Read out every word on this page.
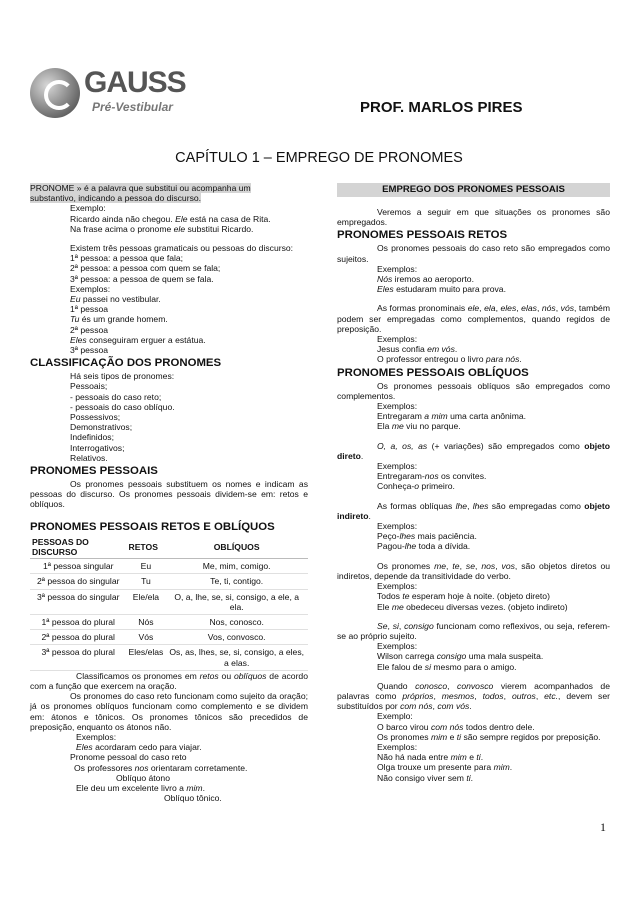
GAUSS
Pré-Vestibular	PROF. MARLOS PIRES
CAPÍTULO 1 – EMPREGO DE PRONOMES

PRONOME » é a palavra que substitui ou acompanha um

substantivo, indicando a pessoa do discurso.

Exemplo:

Ricardo ainda não chegou. Ele está na casa de Rita.

Na frase acima o pronome ele substitui Ricardo.

Existem três pessoas gramaticais ou pessoas do discurso:

1ª pessoa: a pessoa que fala;

2ª pessoa: a pessoa com quem se fala;

3ª pessoa: a pessoa de quem se fala.

Exemplos:

Eu passei no vestibular.

1ª pessoa

Tu és um grande homem.

2ª pessoa

Eles conseguiram erguer a estátua.

3ª pessoa

CLASSIFICAÇÃO DOS PRONOMES

Há seis tipos de pronomes:

Pessoais;

- pessoais do caso reto;

- pessoais do caso oblíquo.

Possessivos;

Demonstrativos;

Indefinidos;

Interrogativos;

Relativos.

PRONOMES PESSOAIS

Os pronomes pessoais substituem os nomes e indicam as pessoas do discurso. Os pronomes pessoais dividem-se em: retos e oblíquos.

PRONOMES PESSOAIS RETOS E OBLÍQUOS

PESSOAS DO DISCURSO	RETOS	OBLÍQUOS
1ª pessoa singular	Eu	Me, mim, comigo.
2ª pessoa do singular	Tu	Te, ti, contigo.
3ª pessoa do singular	Ele/ela	O, a, lhe, se, si, consigo, a ele, a ela.
1ª pessoa do plural	Nós	Nos, conosco.
2ª pessoa do plural	Vós	Vos, convosco.
3ª pessoa do plural	Eles/elas	Os, as, lhes, se, si, consigo, a eles, a elas.

Classificamos os pronomes em retos ou oblíquos de acordo com a função que exercem na oração.

Os pronomes do caso reto funcionam como sujeito da oração; já os pronomes oblíquos funcionam como complemento e se dividem em: átonos e tônicos. Os pronomes tônicos são precedidos de preposição, enquanto os átonos não.

Exemplos:

Eles acordaram cedo para viajar.

Pronome pessoal do caso reto

Os professores nos orientaram corretamente.

Oblíquo átono

Ele deu um excelente livro a mim.

Oblíquo tônico.

EMPREGO DOS PRONOMES PESSOAIS

Veremos a seguir em que situações os pronomes são empregados.

PRONOMES PESSOAIS RETOS

Os pronomes pessoais do caso reto são empregados como sujeitos.

Exemplos:

Nós iremos ao aeroporto.

Eles estudaram muito para prova.

As formas pronominais ele, ela, eles, elas, nós, vós, também podem ser empregadas como complementos, quando regidos de preposição.

Exemplos:

Jesus confia em vós.

O professor entregou o livro para nós.

PRONOMES PESSOAIS OBLÍQUOS

Os pronomes pessoais oblíquos são empregados como complementos.

Exemplos:

Entregaram a mim uma carta anônima.

Ela me viu no parque.

O, a, os, as (+ variações) são empregados como objeto direto.

Exemplos:

Entregaram-nos os convites.

Conheça-o primeiro.

As formas oblíquas lhe, lhes são empregadas como objeto indireto.

Exemplos:

Peço-lhes mais paciência.

Pagou-lhe toda a dívida.

Os pronomes me, te, se, nos, vos, são objetos diretos ou indiretos, depende da transitividade do verbo.

Exemplos:

Todos te esperam hoje à noite. (objeto direto)

Ele me obedeceu diversas vezes. (objeto indireto)

Se, si, consigo funcionam como reflexivos, ou seja, referem-se ao próprio sujeito.

Exemplos:

Wilson carrega consigo uma mala suspeita.

Ele falou de si mesmo para o amigo.

Quando conosco, convosco vierem acompanhados de palavras como próprios, mesmos, todos, outros, etc., devem ser substituídos por com nós, com vós.

Exemplo:

O barco virou com nós todos dentro dele.

Os pronomes mim e ti são sempre regidos por preposição.

Exemplos:

Não há nada entre mim e ti.

Olga trouxe um presente para mim.

Não consigo viver sem ti.

1
